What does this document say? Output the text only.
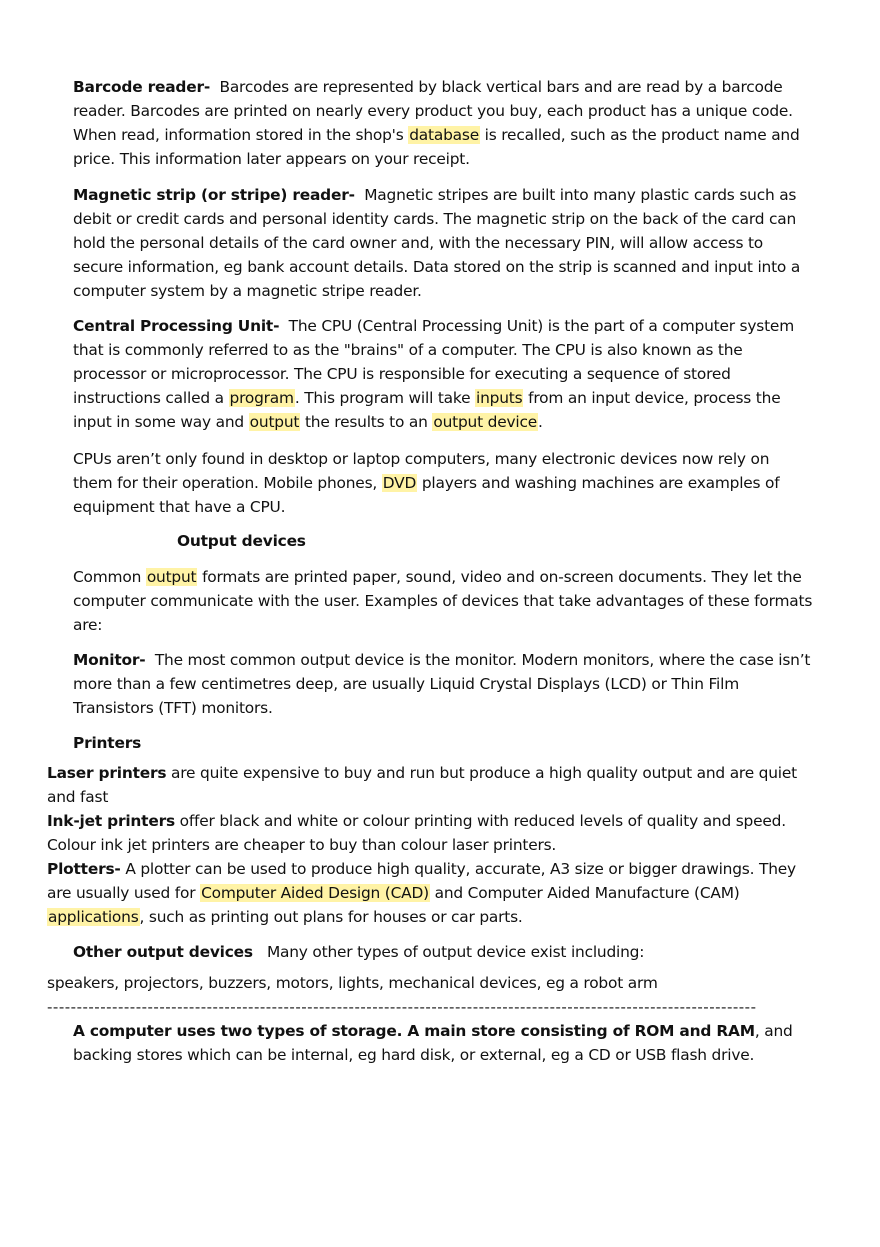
Barcode reader- Barcodes are represented by black vertical bars and are read by a barcode reader. Barcodes are printed on nearly every product you buy, each product has a unique code. When read, information stored in the shop's database is recalled, such as the product name and price. This information later appears on your receipt.

Magnetic strip (or stripe) reader- Magnetic stripes are built into many plastic cards such as debit or credit cards and personal identity cards. The magnetic strip on the back of the card can hold the personal details of the card owner and, with the necessary PIN, will allow access to secure information, eg bank account details. Data stored on the strip is scanned and input into a computer system by a magnetic stripe reader.

Central Processing Unit- The CPU (Central Processing Unit) is the part of a computer system that is commonly referred to as the "brains" of a computer. The CPU is also known as the processor or microprocessor. The CPU is responsible for executing a sequence of stored instructions called a program. This program will take inputs from an input device, process the input in some way and output the results to an output device.

CPUs aren’t only found in desktop or laptop computers, many electronic devices now rely on them for their operation. Mobile phones, DVD players and washing machines are examples of equipment that have a CPU.

Output devices

Common output formats are printed paper, sound, video and on-screen documents. They let the computer communicate with the user. Examples of devices that take advantages of these formats are:

Monitor- The most common output device is the monitor. Modern monitors, where the case isn’t more than a few centimetres deep, are usually Liquid Crystal Displays (LCD) or Thin Film Transistors (TFT) monitors.

Printers

Laser printers are quite expensive to buy and run but produce a high quality output and are quiet and fast

Ink-jet printers offer black and white or colour printing with reduced levels of quality and speed. Colour ink jet printers are cheaper to buy than colour laser printers.

Plotters- A plotter can be used to produce high quality, accurate, A3 size or bigger drawings. They are usually used for Computer Aided Design (CAD) and Computer Aided Manufacture (CAM) applications, such as printing out plans for houses or car parts.

Other output devices Many other types of output device exist including:

speakers, projectors, buzzers, motors, lights, mechanical devices, eg a robot arm

------------------------------------------------------------------------------------------------------------------------

A computer uses two types of storage. A main store consisting of ROM and RAM, and backing stores which can be internal, eg hard disk, or external, eg a CD or USB flash drive.
